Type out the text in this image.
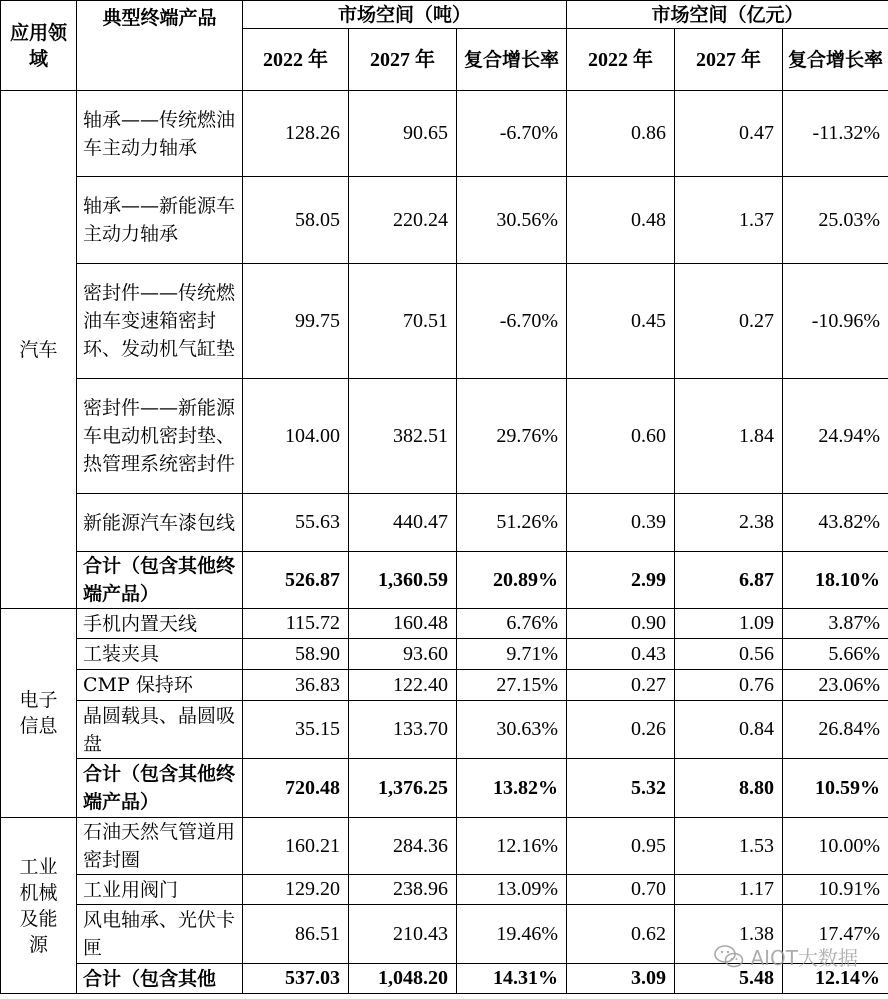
应用领域	典型终端产品	市场空间（吨）			市场空间（亿元）		
		2022 年	2027 年	复合增长率	2022 年	2027 年	复合增长率
汽车	轴承——传统燃油车主动力轴承	128.26	90.65	-6.70%	0.86	0.47	-11.32%
	轴承——新能源车主动力轴承	58.05	220.24	30.56%	0.48	1.37	25.03%
	密封件——传统燃油车变速箱密封环、发动机气缸垫	99.75	70.51	-6.70%	0.45	0.27	-10.96%
	密封件——新能源车电动机密封垫、热管理系统密封件	104.00	382.51	29.76%	0.60	1.84	24.94%
	新能源汽车漆包线	55.63	440.47	51.26%	0.39	2.38	43.82%
	合计（包含其他终端产品）	526.87	1,360.59	20.89%	2.99	6.87	18.10%
电子信息	手机内置天线	115.72	160.48	6.76%	0.90	1.09	3.87%
	工装夹具	58.90	93.60	9.71%	0.43	0.56	5.66%
	CMP 保持环	36.83	122.40	27.15%	0.27	0.76	23.06%
	晶圆载具、晶圆吸盘	35.15	133.70	30.63%	0.26	0.84	26.84%
	合计（包含其他终端产品）	720.48	1,376.25	13.82%	5.32	8.80	10.59%
工业机械及能源	石油天然气管道用密封圈	160.21	284.36	12.16%	0.95	1.53	10.00%
	工业用阀门	129.20	238.96	13.09%	0.70	1.17	10.91%
	风电轴承、光伏卡匣	86.51	210.43	19.46%	0.62	1.38	17.47%
	合计（包含其他	537.03	1,048.20	14.31%	3.09	5.48	12.14%
AIOT大数据
